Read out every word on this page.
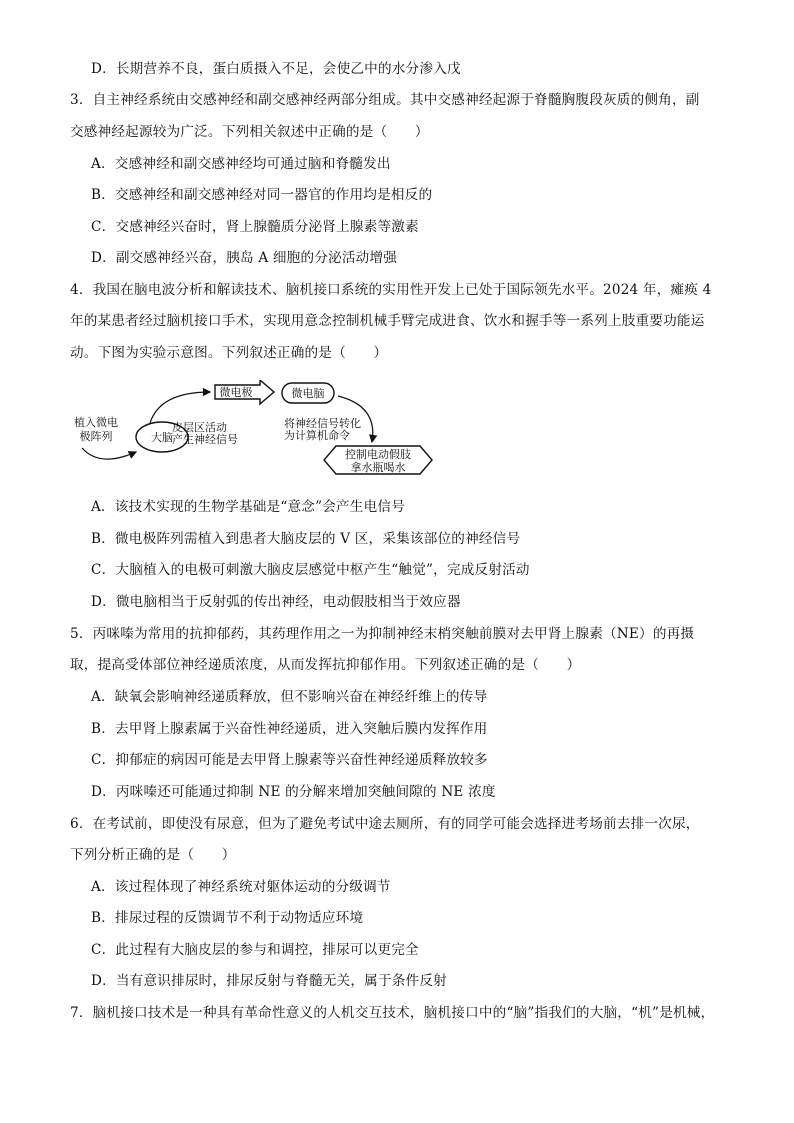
D．长期营养不良，蛋白质摄入不足，会使乙中的水分渗入戊
3．自主神经系统由交感神经和副交感神经两部分组成。其中交感神经起源于脊髓胸腹段灰质的侧角，副
交感神经起源较为广泛。下列相关叙述中正确的是（　　）
A．交感神经和副交感神经均可通过脑和脊髓发出
B．交感神经和副交感神经对同一器官的作用均是相反的
C．交感神经兴奋时，肾上腺髓质分泌肾上腺素等激素
D．副交感神经兴奋，胰岛 A 细胞的分泌活动增强
4．我国在脑电波分析和解读技术、脑机接口系统的实用性开发上已处于国际领先水平。2024 年，瘫痪 4
年的某患者经过脑机接口手术，实现用意念控制机械手臂完成进食、饮水和握手等一系列上肢重要功能运
动。下图为实验示意图。下列叙述正确的是（　　）
A．该技术实现的生物学基础是“意念”会产生电信号
B．微电极阵列需植入到患者大脑皮层的 V 区，采集该部位的神经信号
C．大脑植入的电极可刺激大脑皮层感觉中枢产生“触觉”，完成反射活动
D．微电脑相当于反射弧的传出神经，电动假肢相当于效应器
5．丙咪嗪为常用的抗抑郁药，其药理作用之一为抑制神经末梢突触前膜对去甲肾上腺素（NE）的再摄
取，提高受体部位神经递质浓度，从而发挥抗抑郁作用。下列叙述正确的是（　　）
A．缺氧会影响神经递质释放，但不影响兴奋在神经纤维上的传导
B．去甲肾上腺素属于兴奋性神经递质，进入突触后膜内发挥作用
C．抑郁症的病因可能是去甲肾上腺素等兴奋性神经递质释放较多
D．丙咪嗪还可能通过抑制 NE 的分解来增加突触间隙的 NE 浓度
6．在考试前，即使没有尿意，但为了避免考试中途去厕所，有的同学可能会选择进考场前去排一次尿，
下列分析正确的是（　　）
A．该过程体现了神经系统对躯体运动的分级调节
B．排尿过程的反馈调节不利于动物适应环境
C．此过程有大脑皮层的参与和调控，排尿可以更完全
D．当有意识排尿时，排尿反射与脊髓无关，属于条件反射
7．脑机接口技术是一种具有革命性意义的人机交互技术，脑机接口中的“脑”指我们的大脑，“机”是机械，
植入微电
极阵列	大脑
皮层区活动
产生神经信号
微电极	微电脑
将神经信号转化
为计算机命令
控制电动假肢
拿水瓶喝水
